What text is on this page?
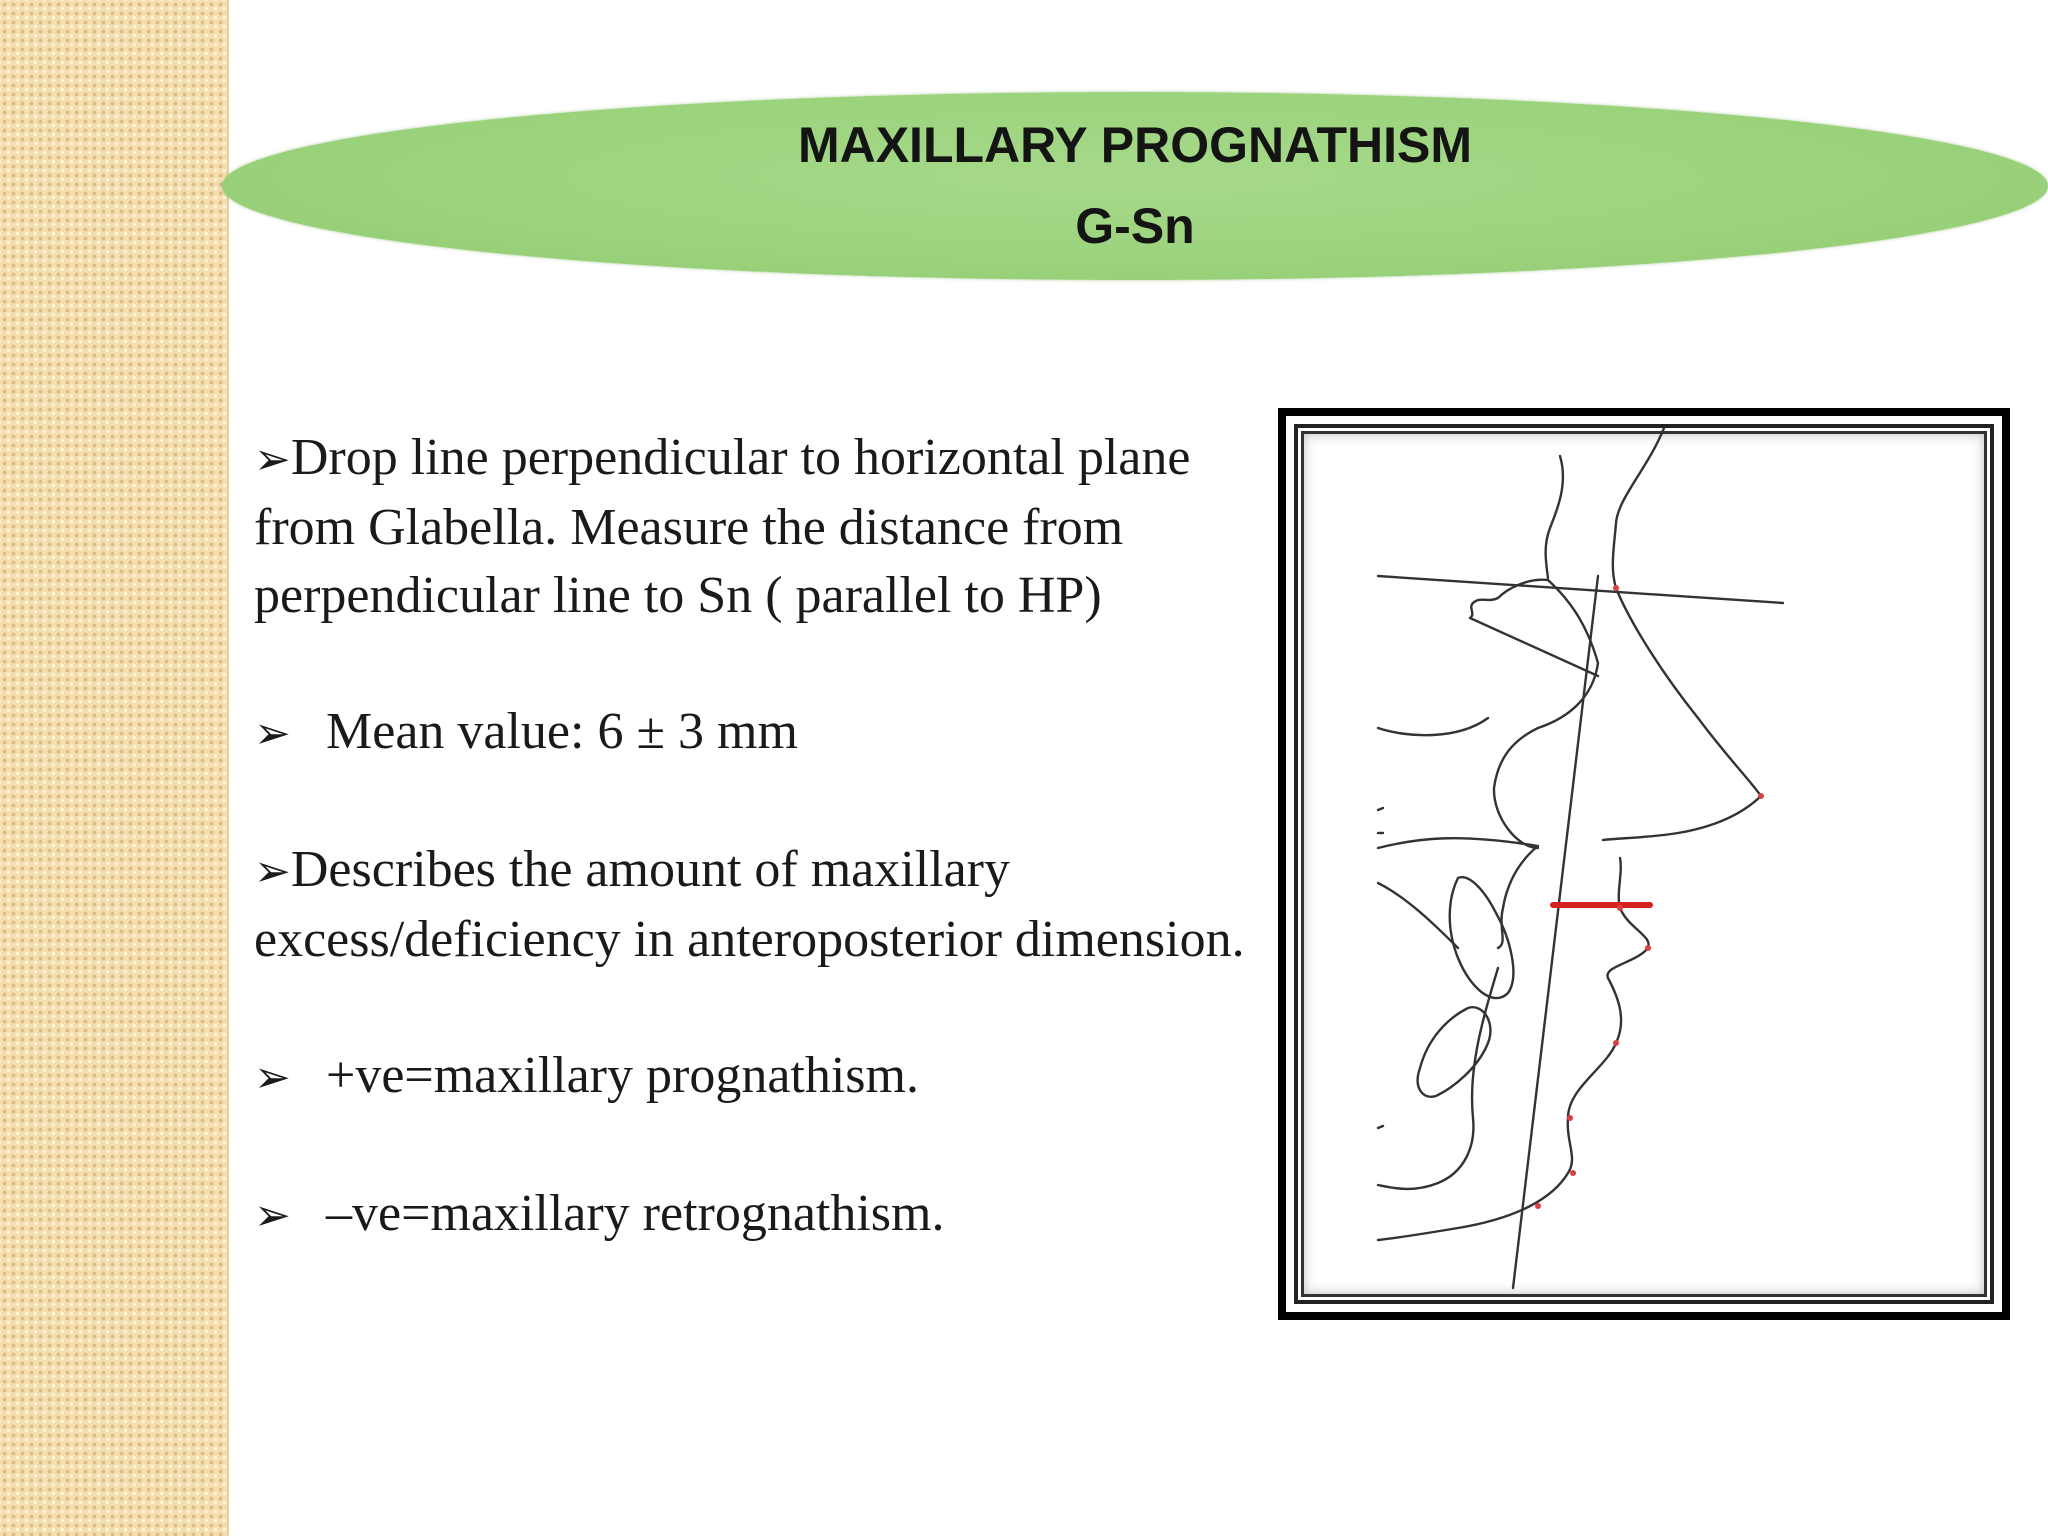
MAXILLARY PROGNATHISM
G-Sn
➢Drop line perpendicular to horizontal plane from Glabella. Measure the distance from perpendicular line to Sn ( parallel to HP)
➢ Mean value: 6 ± 3 mm
➢Describes the amount of maxillary excess/deficiency in anteroposterior dimension.
➢ +ve=maxillary prognathism.
➢ –ve=maxillary retrognathism.
